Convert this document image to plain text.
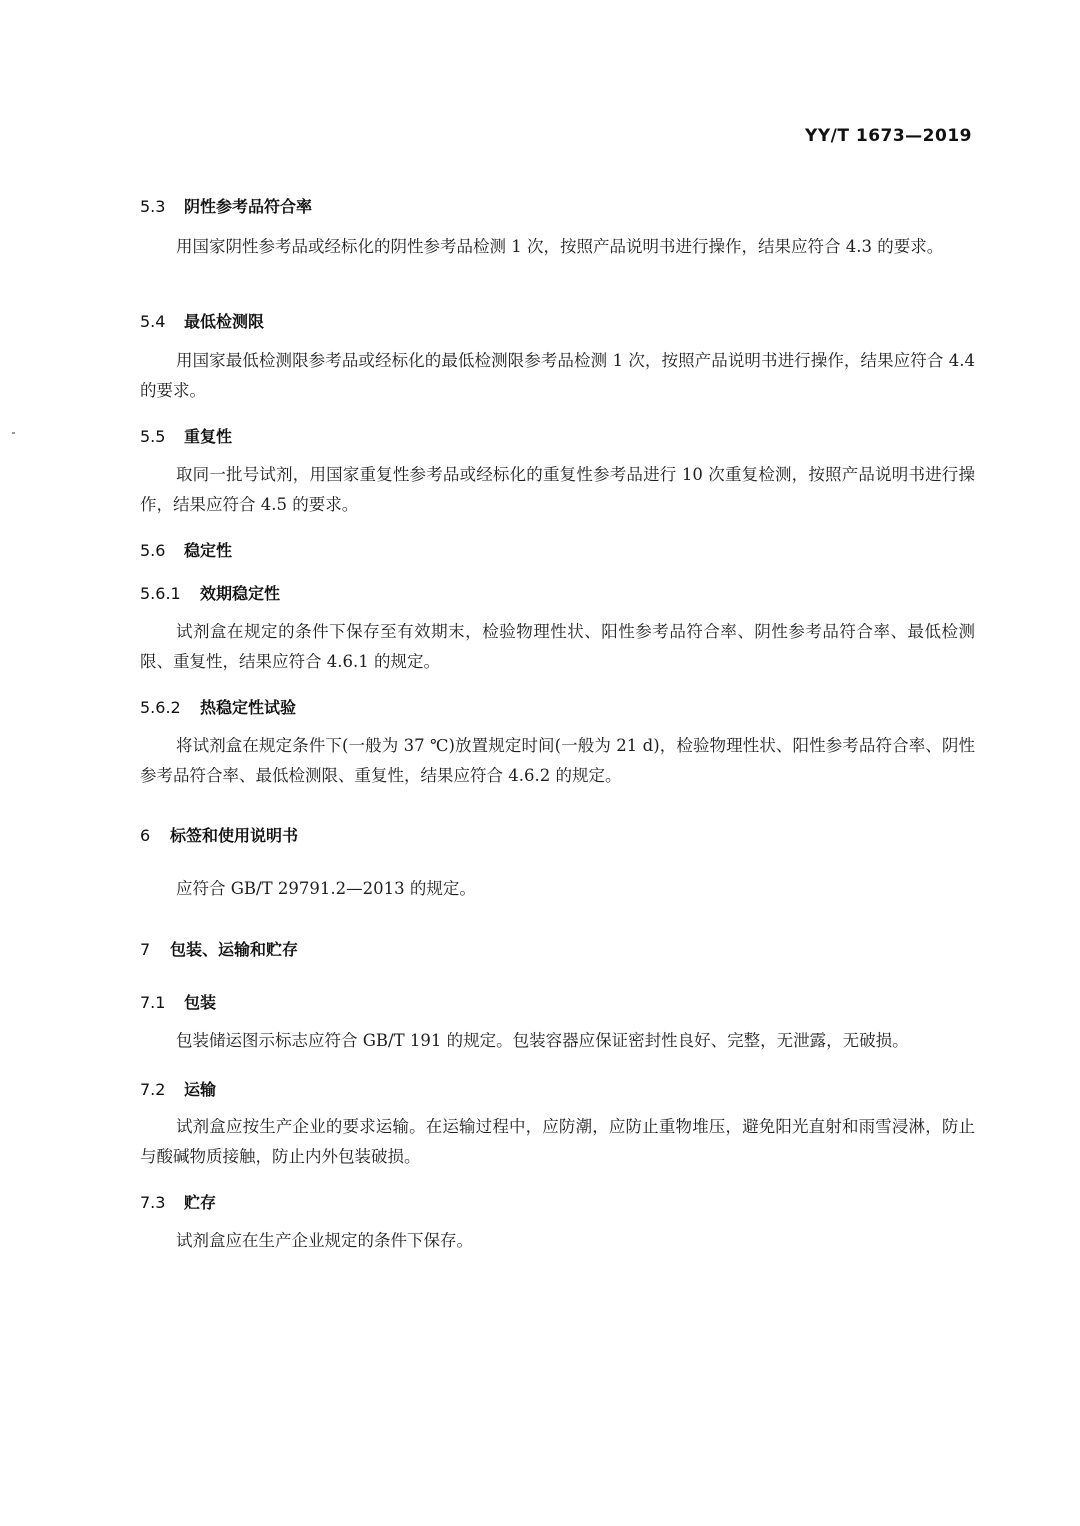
YY/T 1673—2019
5.3 阴性参考品符合率
用国家阴性参考品或经标化的阴性参考品检测 1 次，按照产品说明书进行操作，结果应符合 4.3 的要求。
5.4 最低检测限
用国家最低检测限参考品或经标化的最低检测限参考品检测 1 次，按照产品说明书进行操作，结果应符合 4.4 的要求。
5.5 重复性
取同一批号试剂，用国家重复性参考品或经标化的重复性参考品进行 10 次重复检测，按照产品说明书进行操作，结果应符合 4.5 的要求。
5.6 稳定性
5.6.1 效期稳定性
试剂盒在规定的条件下保存至有效期末，检验物理性状、阳性参考品符合率、阴性参考品符合率、最低检测限、重复性，结果应符合 4.6.1 的规定。
5.6.2 热稳定性试验
将试剂盒在规定条件下(一般为 37 ℃)放置规定时间(一般为 21 d)，检验物理性状、阳性参考品符合率、阴性参考品符合率、最低检测限、重复性，结果应符合 4.6.2 的规定。
6 标签和使用说明书
应符合 GB/T 29791.2—2013 的规定。
7 包装、运输和贮存
7.1 包装
包装储运图示标志应符合 GB/T 191 的规定。包装容器应保证密封性良好、完整，无泄露，无破损。
7.2 运输
试剂盒应按生产企业的要求运输。在运输过程中，应防潮，应防止重物堆压，避免阳光直射和雨雪浸淋，防止与酸碱物质接触，防止内外包装破损。
7.3 贮存
试剂盒应在生产企业规定的条件下保存。
